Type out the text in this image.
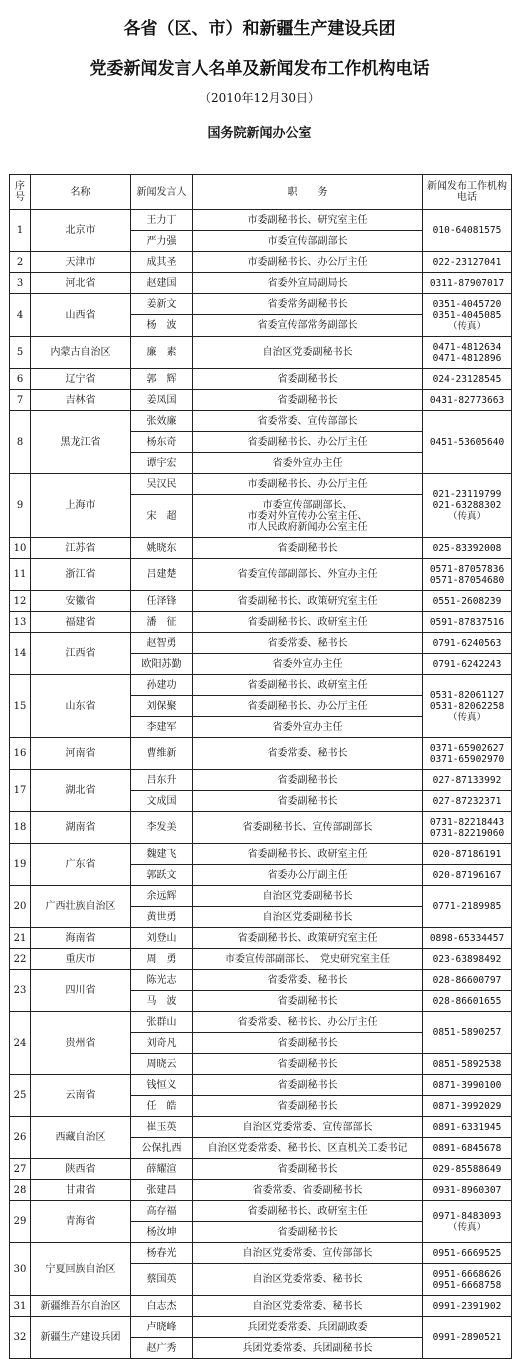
各省（区、市）和新疆生产建设兵团
党委新闻发言人名单及新闻发布工作机构电话
（2010年12月30日）
国务院新闻办公室
序号	名称	新闻发言人	职　　务	新闻发布工作机构电话
1	北京市	王力丁	市委副秘书长、研究室主任	010-64081575

		严力强	市委宣传部副部长	

2	天津市	成其圣	市委副秘书长、办公厅主任	022-23127041

3	河北省	赵建国	省委外宣局副局长	0311-87907017

4	山西省	姜新文	省委常务副秘书长	0351-4045720
0351-4045085
（传真）

		杨　波	省委宣传部常务副部长	

5	内蒙古自治区	廉　素	自治区党委副秘书长	0471-4812634
0471-4812896

6	辽宁省	郭　辉	省委副秘书长	024-23128545

7	吉林省	姜凤国	省委副秘书长	0431-82773663

8	黑龙江省	张效廉	省委常委、宣传部部长	0451-53605640

		杨东奇	省委副秘书长、办公厅主任	

		谭宇宏	省委外宣办主任	

9	上海市	吴汉民	市委副秘书长、办公厅主任	021-23119799
021-63288302
（传真）

		宋　超	市委宣传部副部长、
市委对外宣传办公室主任、
市人民政府新闻办公室主任	

10	江苏省	姚晓东	省委副秘书长	025-83392008

11	浙江省	吕建楚	省委宣传部副部长、外宣办主任	0571-87057836
0571-87054680

12	安徽省	任泽锋	省委副秘书长、政策研究室主任	0551-2608239

13	福建省	潘　征	省委副秘书长、政研室主任	0591-87837516

14	江西省	赵智勇	省委常委、秘书长	0791-6240563

		欧阳苏勤	省委外宣办主任	0791-6242243

15	山东省	孙建功	省委副秘书长、政研室主任	0531-82061127
0531-82062258
（传真）

		刘保聚	省委副秘书长、办公厅主任	

		李建军	省委外宣办主任	

16	河南省	曹维新	省委常委、秘书长	0371-65902627
0371-65902970

17	湖北省	吕东升	省委副秘书长	027-87133992

		文成国	省委副秘书长	027-87232371

18	湖南省	李发美	省委副秘书长、宣传部副部长	0731-82218443
0731-82219060

19	广东省	魏建飞	省委副秘书长、政研室主任	020-87186191

		郭跃文	省委办公厅副主任	020-87196167

20	广西壮族自治区	余远辉	自治区党委副秘书长	0771-2189985

		黄世勇	自治区党委副秘书长	

21	海南省	刘登山	省委副秘书长、政策研究室主任	0898-65334457

22	重庆市	周　勇	市委宣传部副部长、　党史研究室主任	023-63898492

23	四川省	陈光志	省委常委、秘书长	028-86600797

		马　波	省委副秘书长	028-86601655

24	贵州省	张群山	省委常委、秘书长、办公厅主任	0851-5890257

		刘奇凡	省委副秘书长	

		周晓云	省委副秘书长	0851-5892538

25	云南省	钱恒义	省委副秘书长	0871-3990100

		任　皓	省委副秘书长	0871-3992029

26	西藏自治区	崔玉英	自治区党委常委、宣传部部长	0891-6331945

		公保扎西	自治区党委常委、秘书长、区直机关工委书记	0891-6845678

27	陕西省	薛耀渲	省委副秘书长	029-85588649

28	甘肃省	张建昌	省委常委、省委副秘书长	0931-8960307

29	青海省	高存福	省委副秘书长、政研室主任	0971-8483093
（传真）

		杨汝坤	省委副秘书长	

30	宁夏回族自治区	杨春光	自治区党委常委、宣传部部长	0951-6669525

		蔡国英	自治区党委常委、秘书长	0951-6668626
0951-6668758

31	新疆维吾尔自治区	白志杰	自治区党委常委、秘书长	0991-2391902

32	新疆生产建设兵团	卢晓峰	兵团党委常委、兵团副政委	0991-2890521

		赵广秀	兵团党委常委、兵团副秘书长	
